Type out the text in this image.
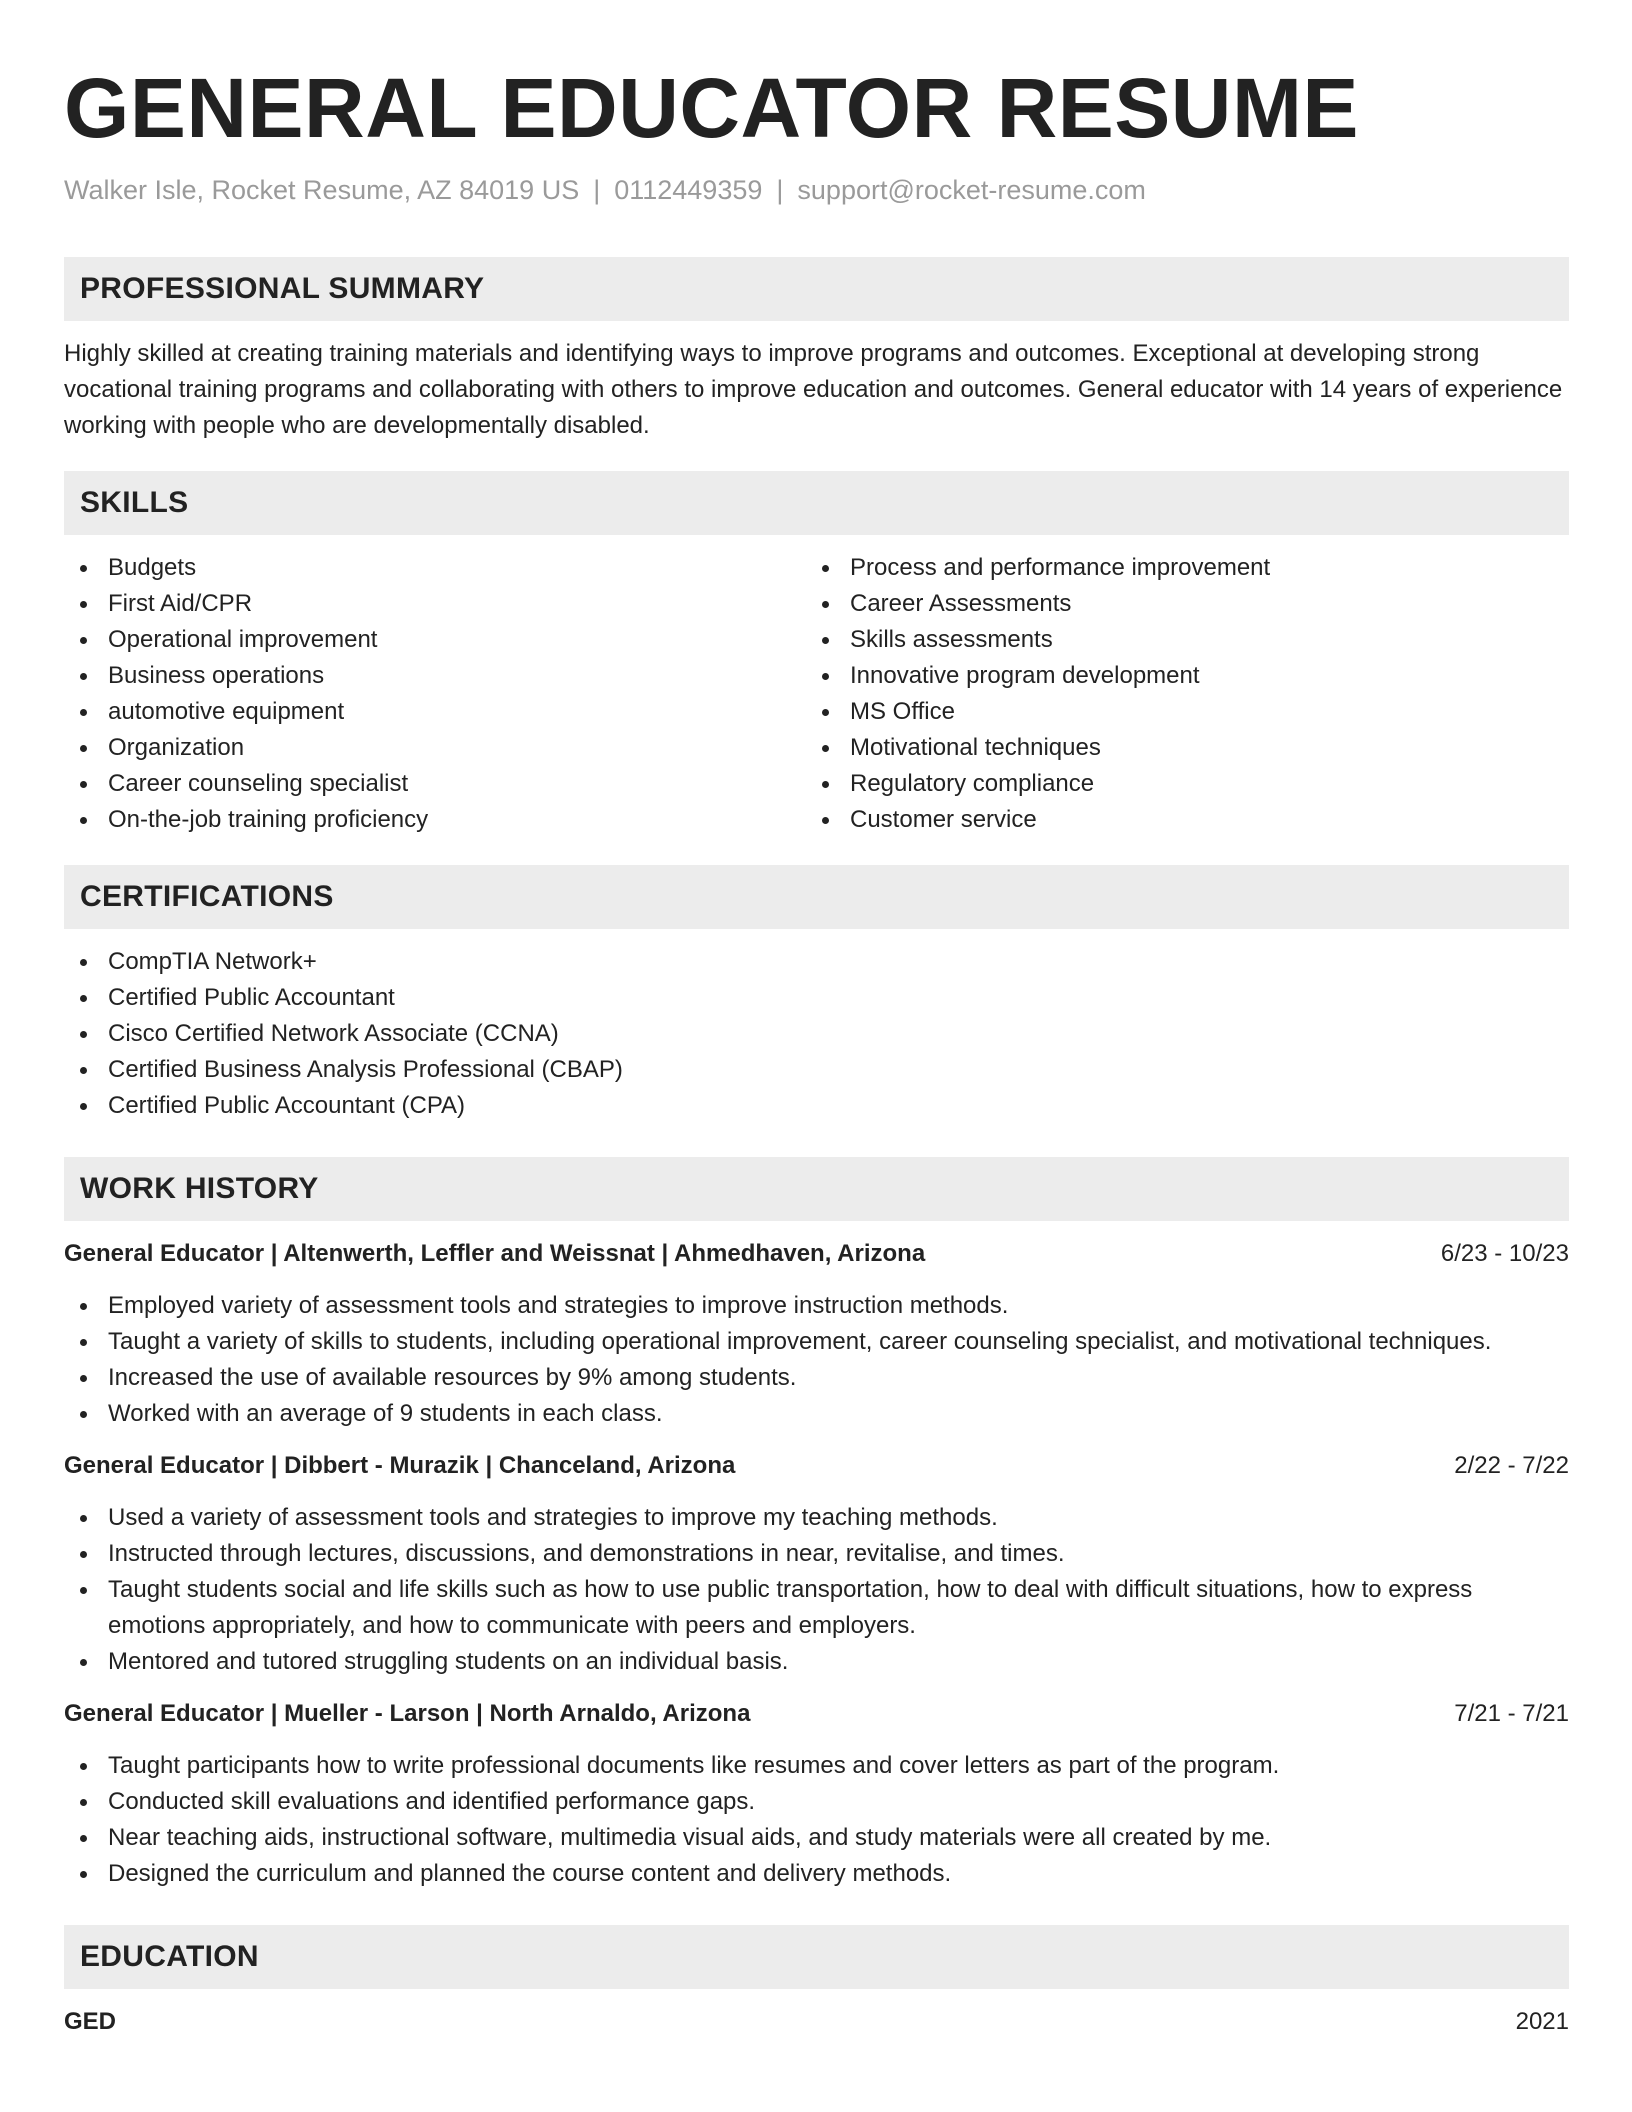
GENERAL EDUCATOR RESUME
Walker Isle, Rocket Resume, AZ 84019 US | 0112449359 | support@rocket-resume.com
PROFESSIONAL SUMMARY

Highly skilled at creating training materials and identifying ways to improve programs and outcomes. Exceptional at developing strong vocational training programs and collaborating with others to improve education and outcomes. General educator with 14 years of experience working with people who are developmentally disabled.

SKILLS
Budgets
First Aid/CPR
Operational improvement
Business operations
automotive equipment
Organization
Career counseling specialist
On-the-job training proficiency
Process and performance improvement
Career Assessments
Skills assessments
Innovative program development
MS Office
Motivational techniques
Regulatory compliance
Customer service
CERTIFICATIONS
CompTIA Network+
Certified Public Accountant
Cisco Certified Network Associate (CCNA)
Certified Business Analysis Professional (CBAP)
Certified Public Accountant (CPA)
WORK HISTORY
General Educator | Altenwerth, Leffler and Weissnat | Ahmedhaven, Arizona	6/23 - 10/23
Employed variety of assessment tools and strategies to improve instruction methods.
Taught a variety of skills to students, including operational improvement, career counseling specialist, and motivational techniques.
Increased the use of available resources by 9% among students.
Worked with an average of 9 students in each class.
General Educator | Dibbert - Murazik | Chanceland, Arizona	2/22 - 7/22
Used a variety of assessment tools and strategies to improve my teaching methods.
Instructed through lectures, discussions, and demonstrations in near, revitalise, and times.
Taught students social and life skills such as how to use public transportation, how to deal with difficult situations, how to express emotions appropriately, and how to communicate with peers and employers.
Mentored and tutored struggling students on an individual basis.
General Educator | Mueller - Larson | North Arnaldo, Arizona	7/21 - 7/21
Taught participants how to write professional documents like resumes and cover letters as part of the program.
Conducted skill evaluations and identified performance gaps.
Near teaching aids, instructional software, multimedia visual aids, and study materials were all created by me.
Designed the curriculum and planned the course content and delivery methods.
EDUCATION
GED	2021
